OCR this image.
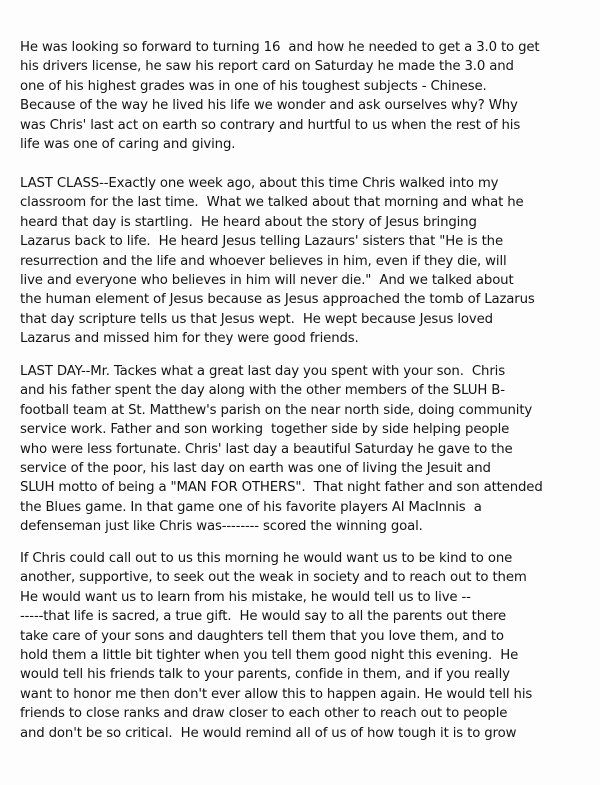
He was looking so forward to turning 16  and how he needed to get a 3.0 to get
his drivers license, he saw his report card on Saturday he made the 3.0 and
one of his highest grades was in one of his toughest subjects - Chinese.
Because of the way he lived his life we wonder and ask ourselves why? Why
was Chris' last act on earth so contrary and hurtful to us when the rest of his
life was one of caring and giving.
LAST CLASS--Exactly one week ago, about this time Chris walked into my
classroom for the last time.  What we talked about that morning and what he
heard that day is startling.  He heard about the story of Jesus bringing
Lazarus back to life.  He heard Jesus telling Lazaurs' sisters that "He is the
resurrection and the life and whoever believes in him, even if they die, will
live and everyone who believes in him will never die."  And we talked about
the human element of Jesus because as Jesus approached the tomb of Lazarus
that day scripture tells us that Jesus wept.  He wept because Jesus loved
Lazarus and missed him for they were good friends.
LAST DAY--Mr. Tackes what a great last day you spent with your son.  Chris
and his father spent the day along with the other members of the SLUH B-
football team at St. Matthew's parish on the near north side, doing community
service work. Father and son working  together side by side helping people
who were less fortunate. Chris' last day a beautiful Saturday he gave to the
service of the poor, his last day on earth was one of living the Jesuit and
SLUH motto of being a "MAN FOR OTHERS".  That night father and son attended
the Blues game. In that game one of his favorite players Al MacInnis  a
defenseman just like Chris was-------- scored the winning goal.
If Chris could call out to us this morning he would want us to be kind to one
another, supportive, to seek out the weak in society and to reach out to them
He would want us to learn from his mistake, he would tell us to live --
-----that life is sacred, a true gift.  He would say to all the parents out there
take care of your sons and daughters tell them that you love them, and to
hold them a little bit tighter when you tell them good night this evening.  He
would tell his friends talk to your parents, confide in them, and if you really
want to honor me then don't ever allow this to happen again. He would tell his
friends to close ranks and draw closer to each other to reach out to people
and don't be so critical.  He would remind all of us of how tough it is to grow
